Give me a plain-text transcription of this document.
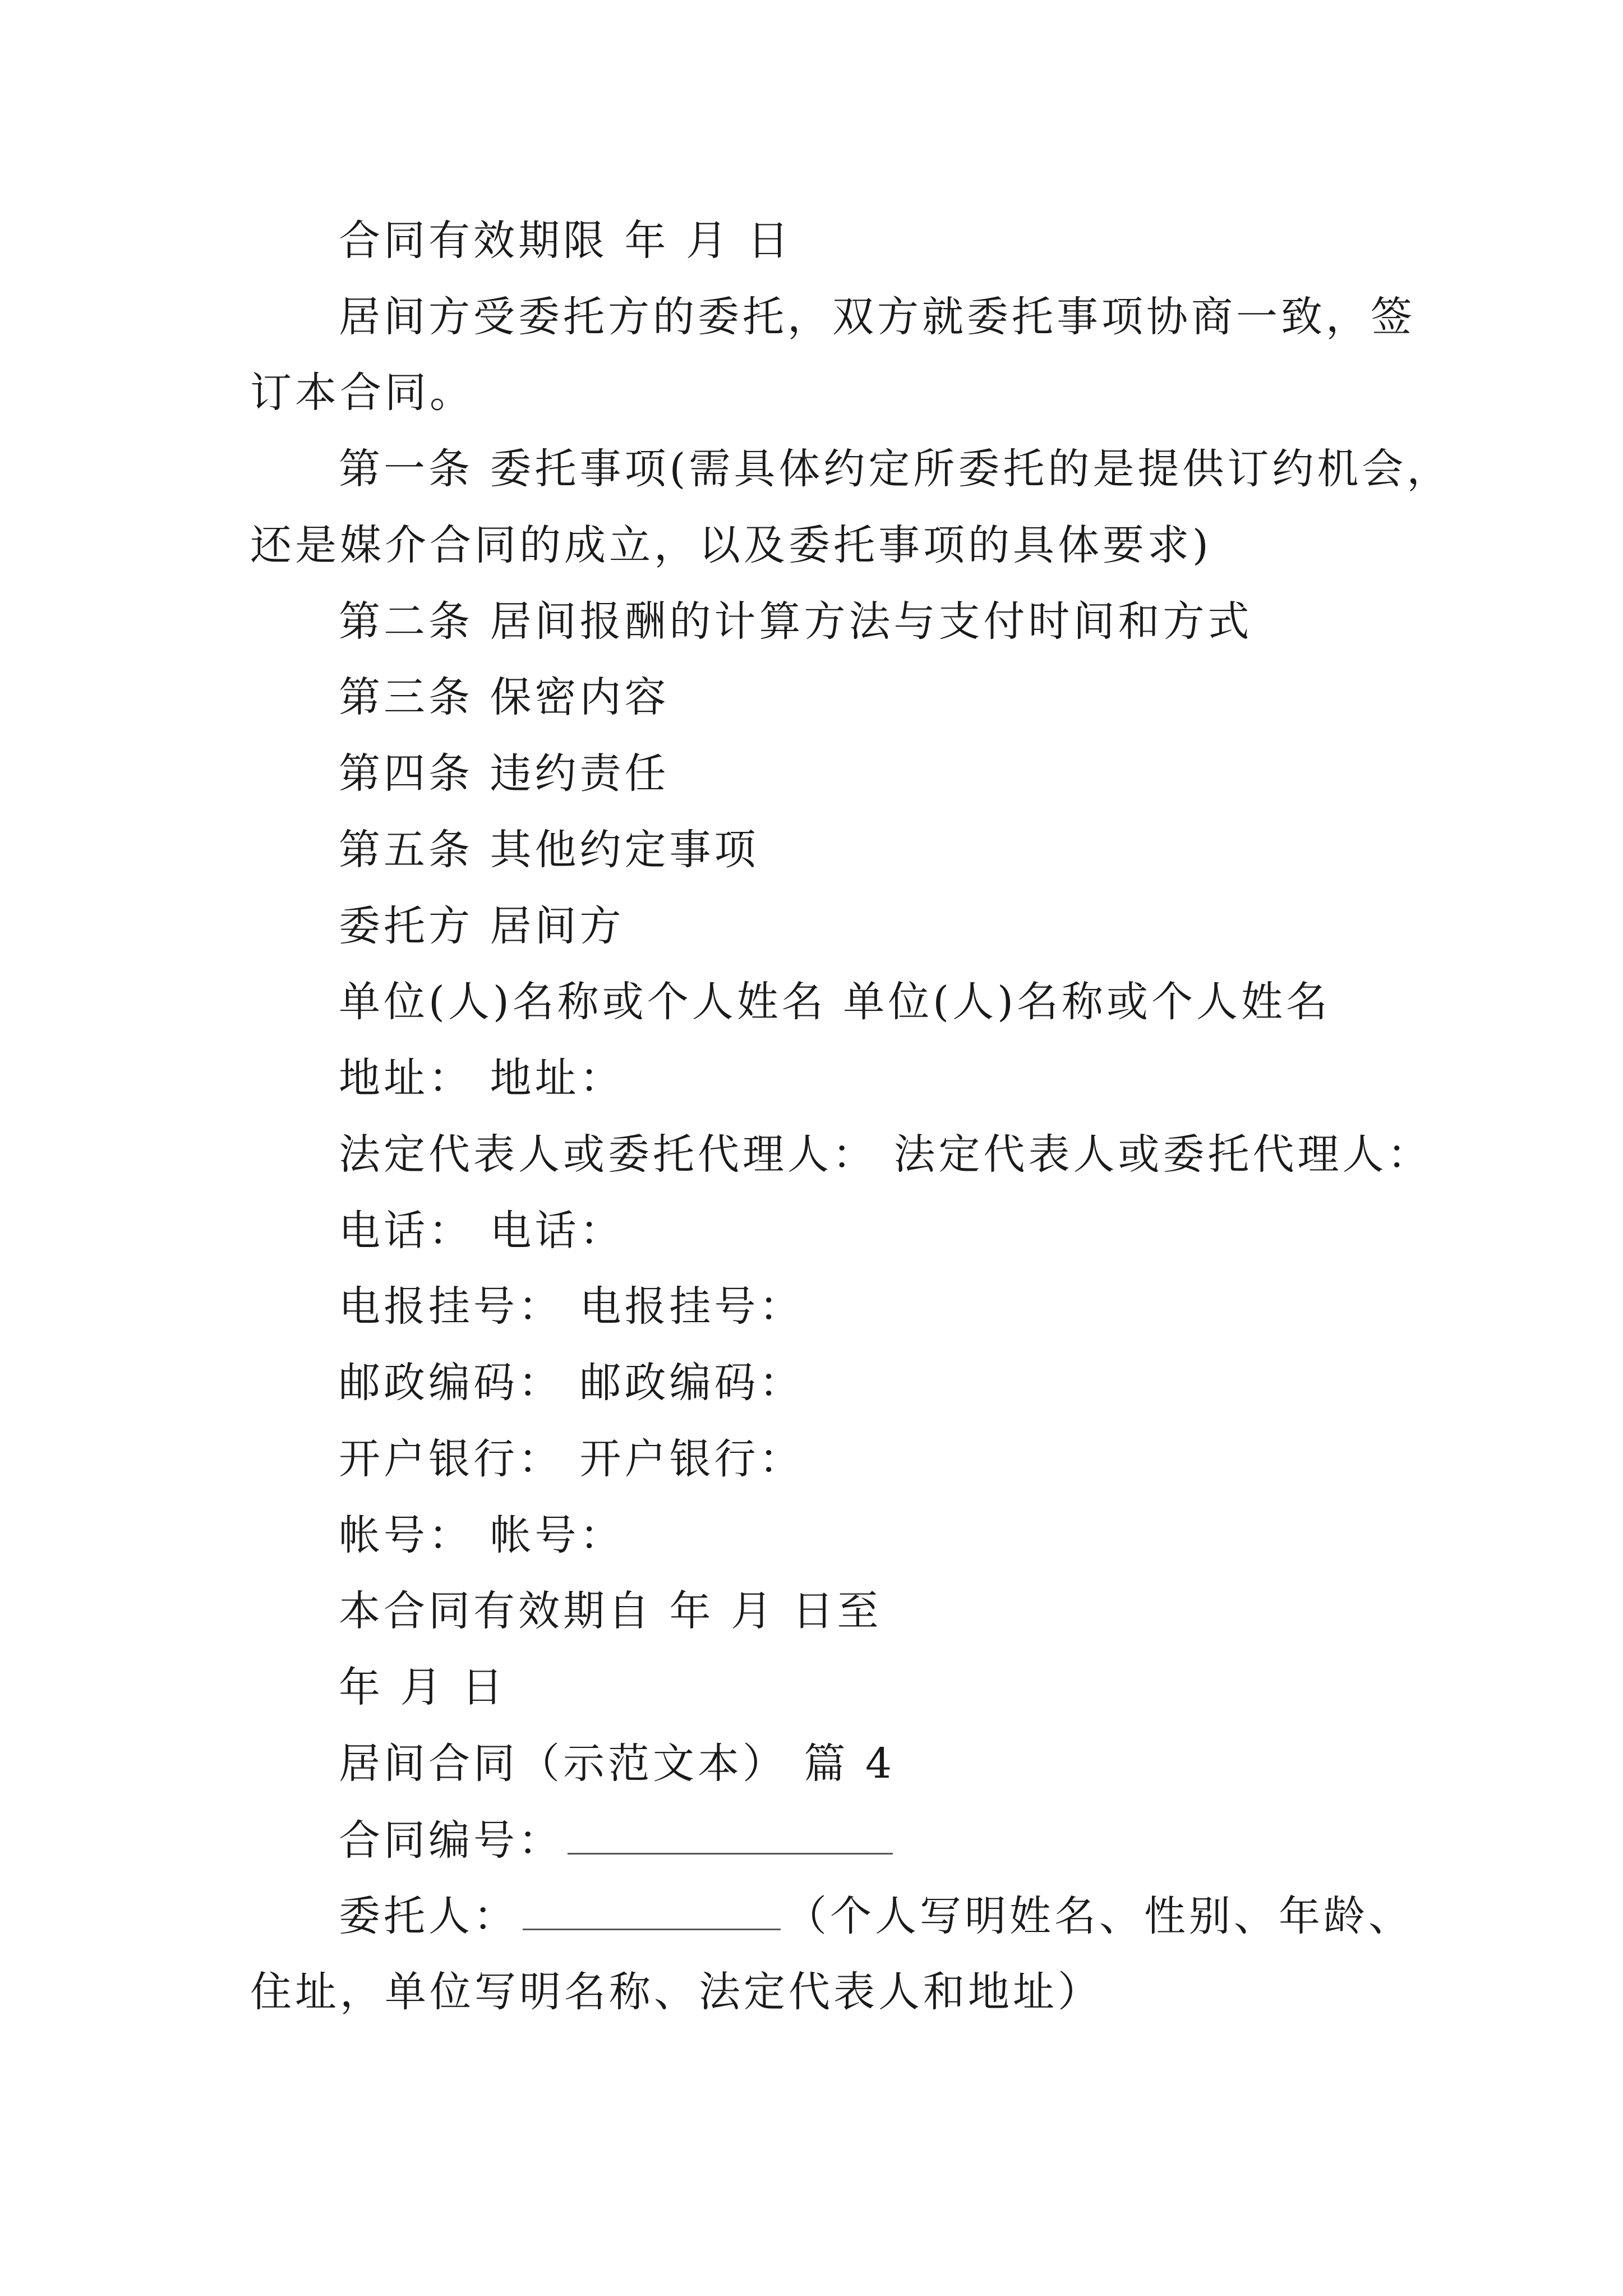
合同有效期限 年 月 日
居间方受委托方的委托，双方就委托事项协商一致，签
订本合同。
第一条 委托事项(需具体约定所委托的是提供订约机会，
还是媒介合同的成立，以及委托事项的具体要求)
第二条 居间报酬的计算方法与支付时间和方式
第三条 保密内容
第四条 违约责任
第五条 其他约定事项
委托方 居间方
单位(人)名称或个人姓名 单位(人)名称或个人姓名
地址： 地址：
法定代表人或委托代理人： 法定代表人或委托代理人：
电话： 电话：
电报挂号： 电报挂号：
邮政编码： 邮政编码：
开户银行： 开户银行：
帐号： 帐号：
本合同有效期自 年 月 日至
年 月 日
居间合同（示范文本） 篇 4
合同编号：
委托人：	（个人写明姓名、性别、年龄、
住址，单位写明名称、法定代表人和地址）
